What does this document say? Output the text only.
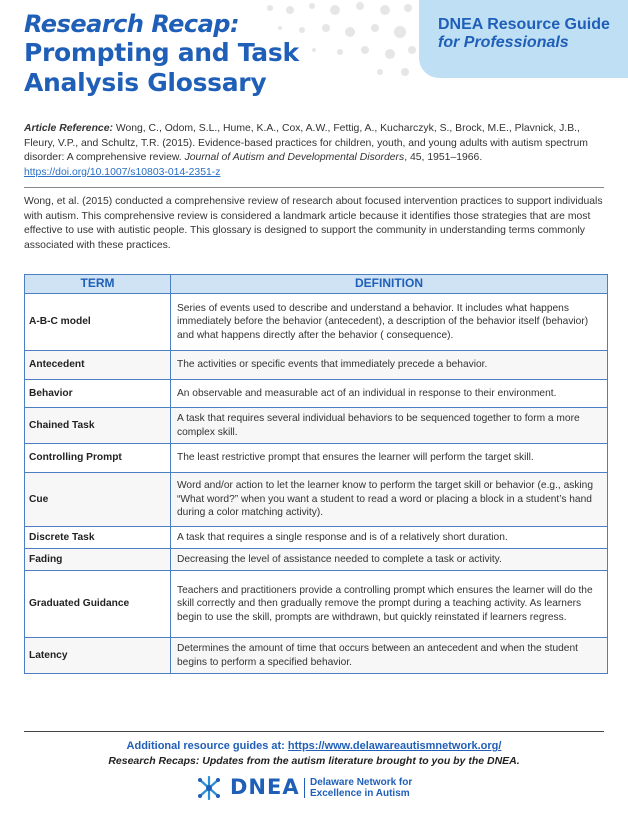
Research Recap:
Prompting and Task
Analysis Glossary
DNEA Resource Guide
for Professionals
Article Reference: Wong, C., Odom, S.L., Hume, K.A., Cox, A.W., Fettig, A., Kucharczyk, S., Brock, M.E., Plavnick, J.B., Fleury, V.P., and Schultz, T.R. (2015). Evidence-based practices for children, youth, and young adults with autism spectrum disorder: A comprehensive review. Journal of Autism and Developmental Disorders, 45, 1951–1966.
https://doi.org/10.1007/s10803-014-2351-z
Wong, et al. (2015) conducted a comprehensive review of research about focused intervention practices to support individuals with autism. This comprehensive review is considered a landmark article because it identifies those strategies that are most effective to use with autistic people. This glossary is designed to support the community in understanding terms commonly associated with these practices.
TERM	DEFINITION
A-B-C model	Series of events used to describe and understand a behavior. It includes what happens immediately before the behavior (antecedent), a description of the behavior itself (behavior) and what happens directly after the behavior ( consequence).
Antecedent	The activities or specific events that immediately precede a behavior.
Behavior	An observable and measurable act of an individual in response to their environment.
Chained Task	A task that requires several individual behaviors to be sequenced together to form a more complex skill.
Controlling Prompt	The least restrictive prompt that ensures the learner will perform the target skill.
Cue	Word and/or action to let the learner know to perform the target skill or behavior (e.g., asking “What word?” when you want a student to read a word or placing a block in a student’s hand during a color matching activity).
Discrete Task	A task that requires a single response and is of a relatively short duration.
Fading	Decreasing the level of assistance needed to complete a task or activity.
Graduated Guidance	Teachers and practitioners provide a controlling prompt which ensures the learner will do the skill correctly and then gradually remove the prompt during a teaching activity. As learners begin to use the skill, prompts are withdrawn, but quickly reinstated if learners regress.
Latency	Determines the amount of time that occurs between an antecedent and when the student begins to perform a specified behavior.
Additional resource guides at: https://www.delawareautismnetwork.org/
Research Recaps: Updates from the autism literature brought to you by the DNEA.
DNEA Delaware Network for
Excellence in Autism
